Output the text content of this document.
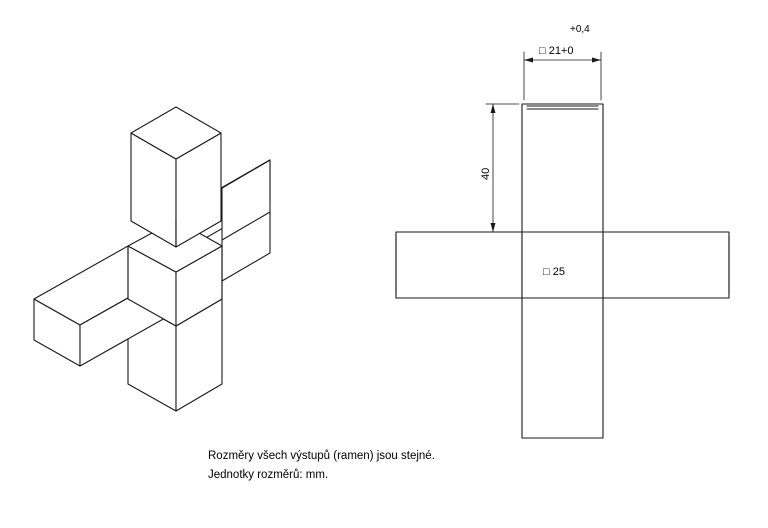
+0,4
□ 21+0
40
□ 25
Rozměry všech výstupů (ramen) jsou stejné.
Jednotky rozměrů: mm.
